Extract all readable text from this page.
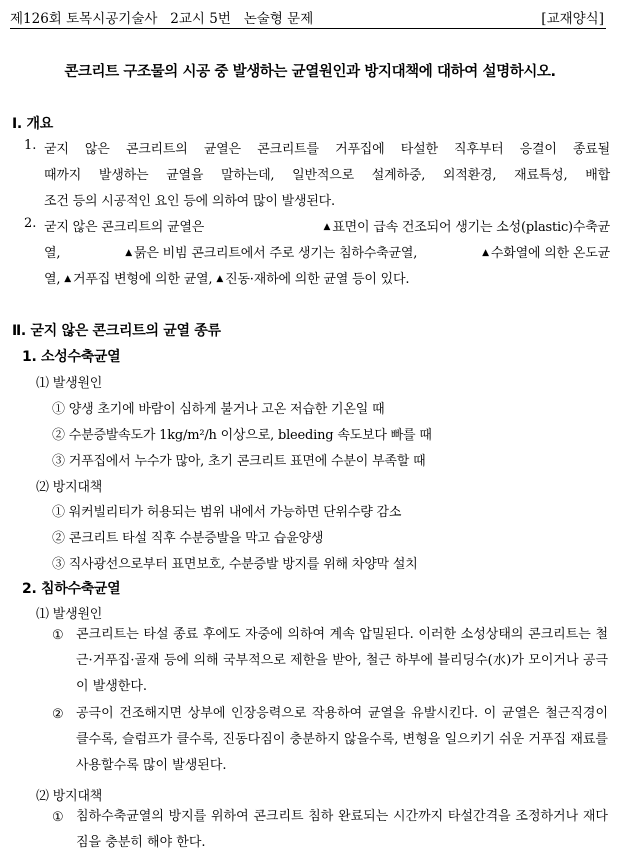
제126회 토목시공기술사   2교시 5번   논술형 문제	[교재양식]
콘크리트 구조물의 시공 중 발생하는 균열원인과 방지대책에 대하여 설명하시오.
Ⅰ. 개요
1. 굳지 않은 콘크리트의 균열은 콘크리트를 거푸집에 타설한 직후부터 응결이 종료될
때까지 발생하는 균열을 말하는데, 일반적으로 설계하중, 외적환경, 재료특성, 배합
조건 등의 시공적인 요인 등에 의하여 많이 발생된다.
2. 굳지 않은 콘크리트의 균열은	▲ 표면이 급속 건조되어 생기는 소성(plastic)수축균
열,	▲ 묽은 비빔 콘크리트에서 주로 생기는 침하수축균열,	▲ 수화열에 의한 온도균
열, ▲ 거푸집 변형에 의한 균열, ▲ 진동·재하에 의한 균열 등이 있다.
Ⅱ. 굳지 않은 콘크리트의 균열 종류
1. 소성수축균열
⑴ 발생원인
① 양생 초기에 바람이 심하게 불거나 고온 저습한 기온일 때
② 수분증발속도가 1kg/m²/h 이상으로, bleeding 속도보다 빠를 때
③ 거푸집에서 누수가 많아, 초기 콘크리트 표면에 수분이 부족할 때
⑵ 방지대책
① 워커빌리티가 허용되는 범위 내에서 가능하면 단위수량 감소
② 콘크리트 타설 직후 수분증발을 막고 습윤양생
③ 직사광선으로부터 표면보호, 수분증발 방지를 위해 차양막 설치
2. 침하수축균열
⑴ 발생원인
① 콘크리트는 타설 종료 후에도 자중에 의하여 계속 압밀된다. 이러한 소성상태의 콘크리트는 철근·거푸집·골재 등에 의해 국부적으로 제한을 받아, 철근 하부에 블리딩수(水)가 모이거나 공극이 발생한다.
② 공극이 건조해지면 상부에 인장응력으로 작용하여 균열을 유발시킨다. 이 균열은 철근직경이 클수록, 슬럼프가 클수록, 진동다짐이 충분하지 않을수록, 변형을 일으키기 쉬운 거푸집 재료를 사용할수록 많이 발생된다.
⑵ 방지대책
① 침하수축균열의 방지를 위하여 콘크리트 침하 완료되는 시간까지 타설간격을 조정하거나 재다짐을 충분히 해야 한다.
